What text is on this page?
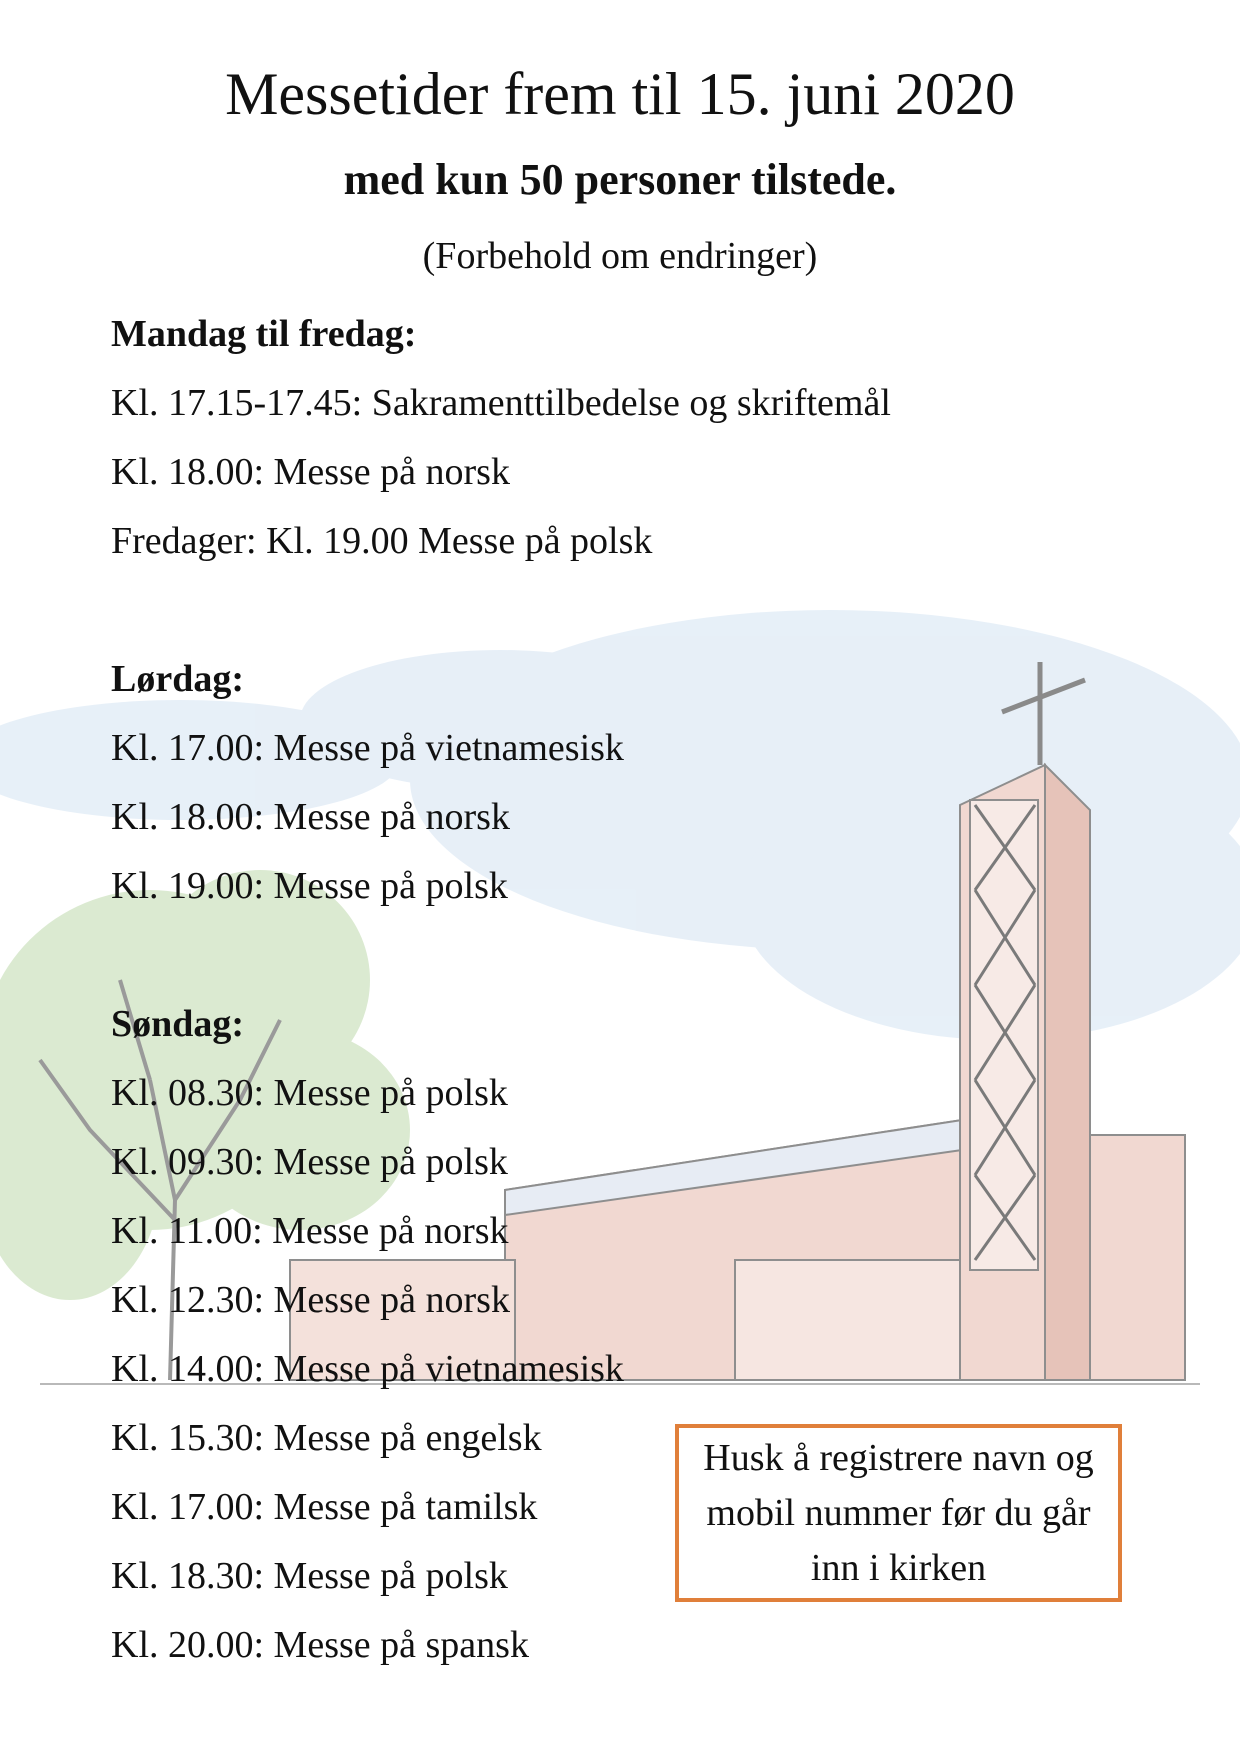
Messetider frem til 15. juni 2020
med kun 50 personer tilstede.
(Forbehold om endringer)
Mandag til fredag:
Kl. 17.15-17.45: Sakramenttilbedelse og skriftemål
Kl. 18.00: Messe på norsk
Fredager: Kl. 19.00 Messe på polsk
Lørdag:
Kl. 17.00: Messe på vietnamesisk
Kl. 18.00: Messe på norsk
Kl. 19.00: Messe på polsk
Søndag:
Kl. 08.30: Messe på polsk
Kl. 09.30: Messe på polsk
Kl. 11.00: Messe på norsk
Kl. 12.30: Messe på norsk
Kl. 14.00: Messe på vietnamesisk
Kl. 15.30: Messe på engelsk
Kl. 17.00: Messe på tamilsk
Kl. 18.30: Messe på polsk
Kl. 20.00: Messe på spansk
Husk å registrere navn og mobil nummer før du går inn i kirken
